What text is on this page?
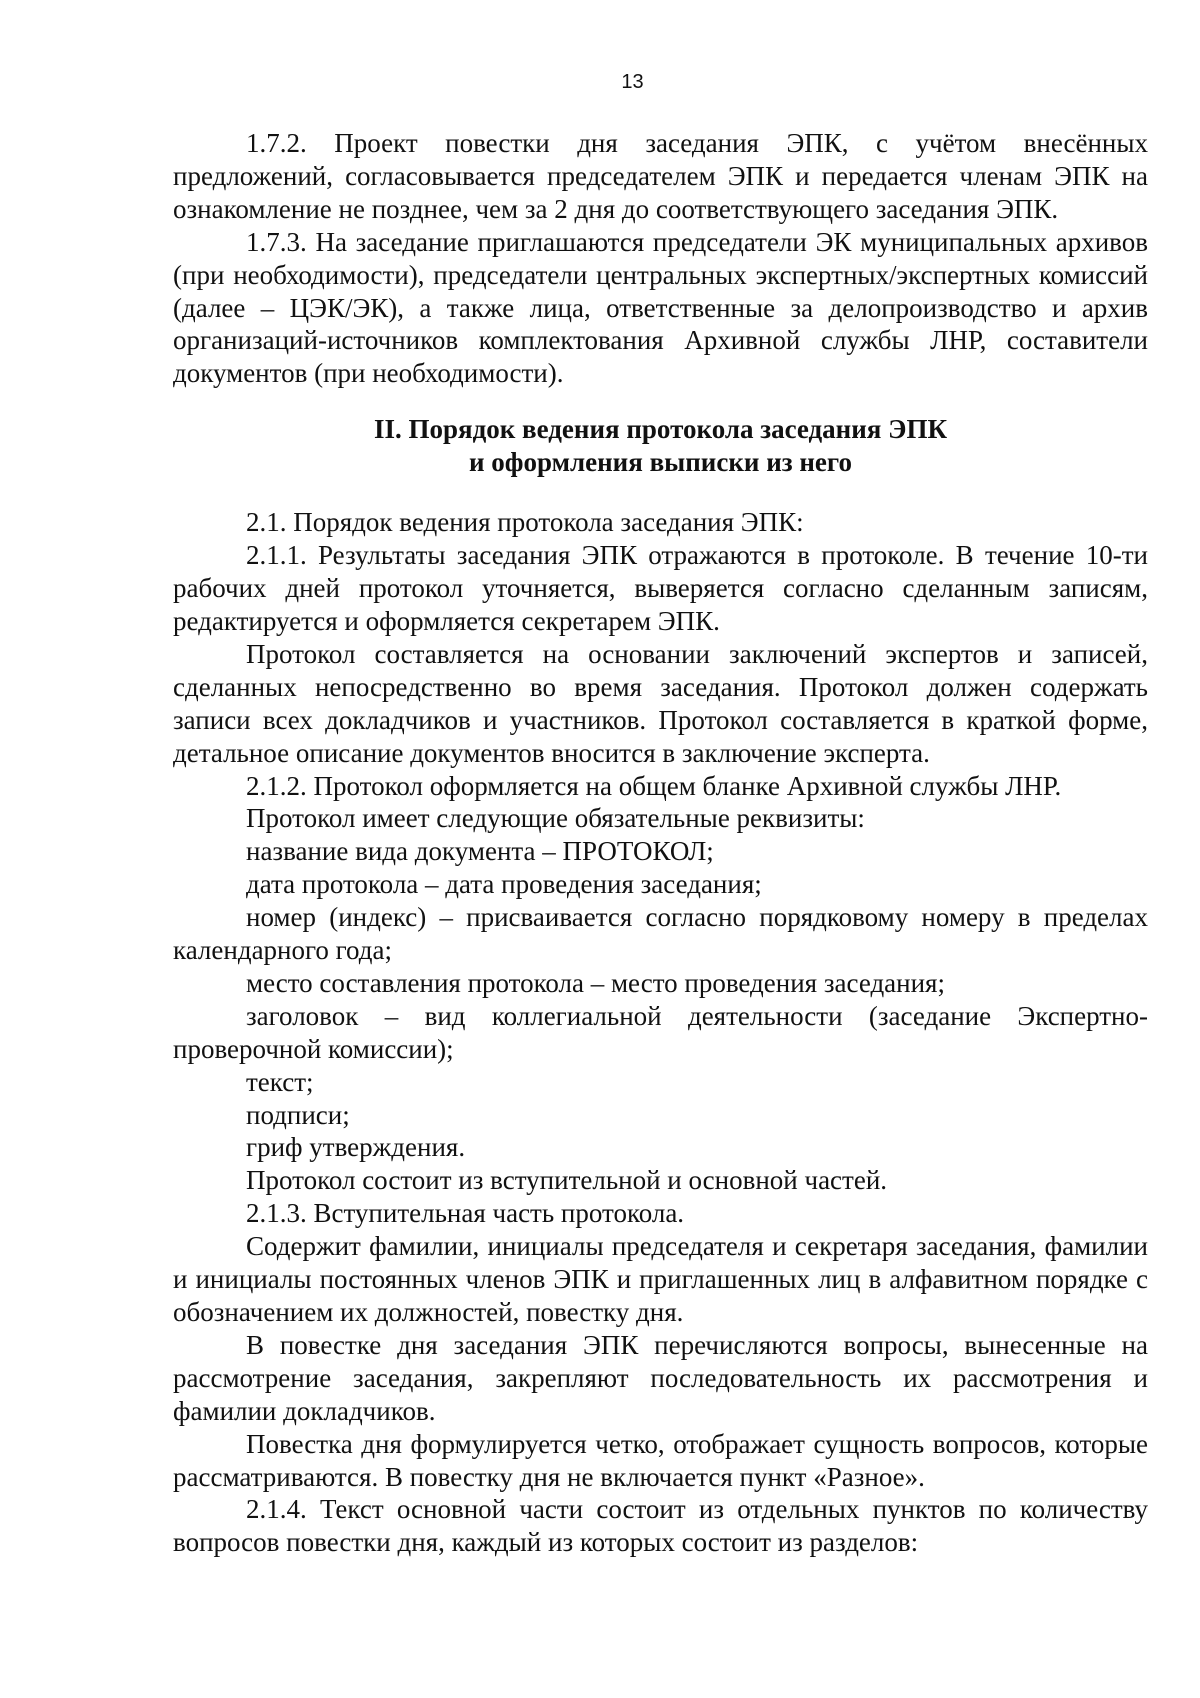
13

1.7.2. Проект повестки дня заседания ЭПК, с учётом внесённых предложений, согласовывается председателем ЭПК и передается членам ЭПК на ознакомление не позднее, чем за 2 дня до соответствующего заседания ЭПК.

1.7.3. На заседание приглашаются председатели ЭК муниципальных архивов (при необходимости), председатели центральных экспертных/экспертных комиссий (далее – ЦЭК/ЭК), а также лица, ответственные за делопроизводство и архив организаций-источников комплектования Архивной службы ЛНР, составители документов (при необходимости).

II. Порядок ведения протокола заседания ЭПК
и оформления выписки из него

2.1. Порядок ведения протокола заседания ЭПК:

2.1.1. Результаты заседания ЭПК отражаются в протоколе. В течение 10-ти рабочих дней протокол уточняется, выверяется согласно сделанным записям, редактируется и оформляется секретарем ЭПК.

Протокол составляется на основании заключений экспертов и записей, сделанных непосредственно во время заседания. Протокол должен содержать записи всех докладчиков и участников. Протокол составляется в краткой форме, детальное описание документов вносится в заключение эксперта.

2.1.2. Протокол оформляется на общем бланке Архивной службы ЛНР.

Протокол имеет следующие обязательные реквизиты:

название вида документа – ПРОТОКОЛ;

дата протокола – дата проведения заседания;

номер (индекс) – присваивается согласно порядковому номеру в пределах календарного года;

место составления протокола – место проведения заседания;

заголовок – вид коллегиальной деятельности (заседание Экспертно-проверочной комиссии);

текст;

подписи;

гриф утверждения.

Протокол состоит из вступительной и основной частей.

2.1.3. Вступительная часть протокола.

Содержит фамилии, инициалы председателя и секретаря заседания, фамилии и инициалы постоянных членов ЭПК и приглашенных лиц в алфавитном порядке с обозначением их должностей, повестку дня.

В повестке дня заседания ЭПК перечисляются вопросы, вынесенные на рассмотрение заседания, закрепляют последовательность их рассмотрения и фамилии докладчиков.

Повестка дня формулируется четко, отображает сущность вопросов, которые рассматриваются. В повестку дня не включается пункт «Разное».

2.1.4. Текст основной части состоит из отдельных пунктов по количеству вопросов повестки дня, каждый из которых состоит из разделов:
